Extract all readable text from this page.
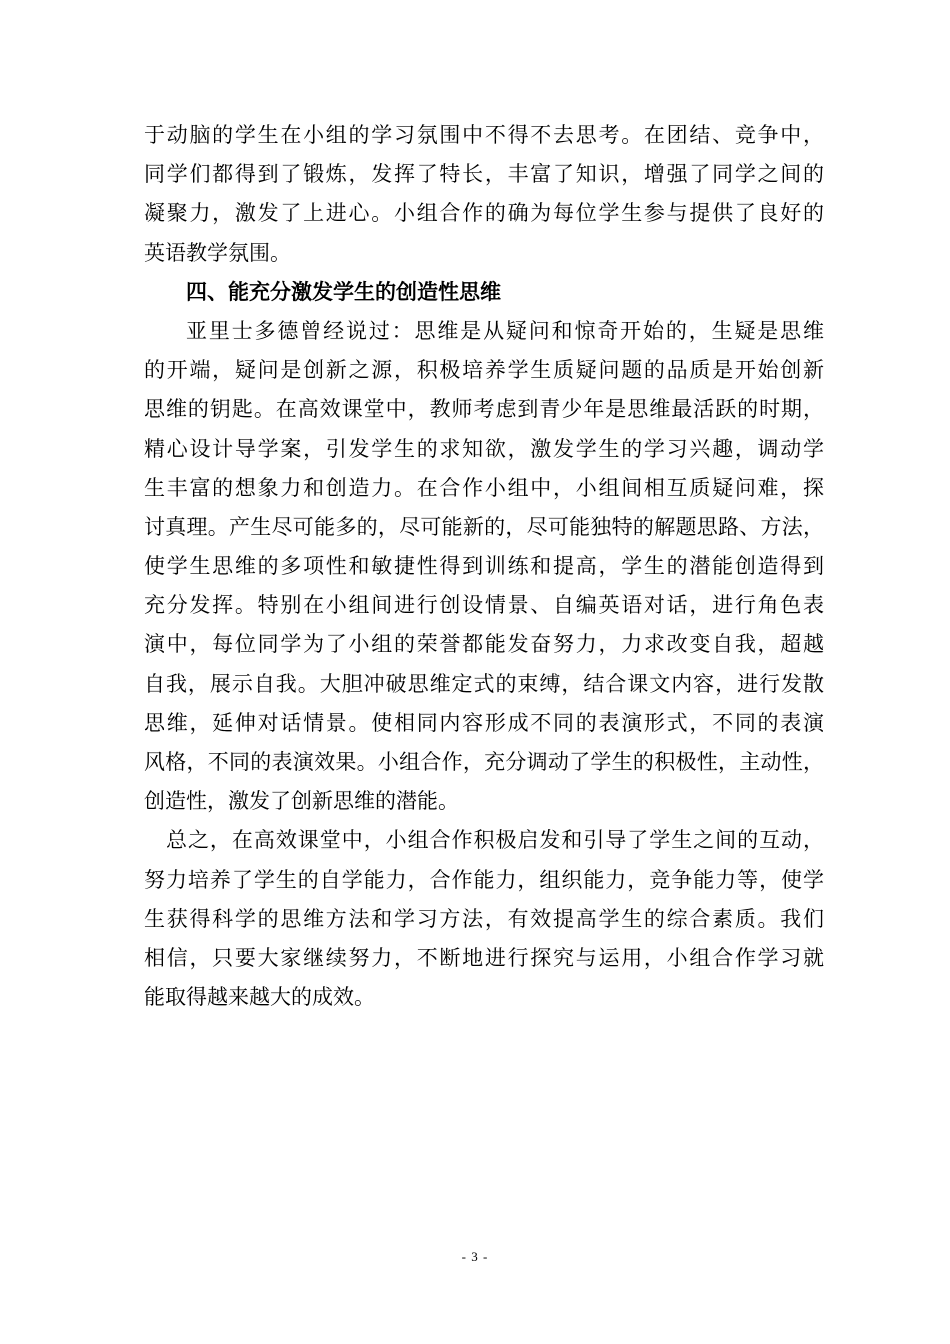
于动脑的学生在小组的学习氛围中不得不去思考。在团结、竞争中，
同学们都得到了锻炼，发挥了特长，丰富了知识，增强了同学之间的
凝聚力，激发了上进心。小组合作的确为每位学生参与提供了良好的
英语教学氛围。
四、能充分激发学生的创造性思维
亚里士多德曾经说过：思维是从疑问和惊奇开始的，生疑是思维
的开端，疑问是创新之源，积极培养学生质疑问题的品质是开始创新
思维的钥匙。在高效课堂中，教师考虑到青少年是思维最活跃的时期，
精心设计导学案，引发学生的求知欲，激发学生的学习兴趣，调动学
生丰富的想象力和创造力。在合作小组中，小组间相互质疑问难，探
讨真理。产生尽可能多的，尽可能新的，尽可能独特的解题思路、方法，
使学生思维的多项性和敏捷性得到训练和提高，学生的潜能创造得到
充分发挥。特别在小组间进行创设情景、自编英语对话，进行角色表
演中，每位同学为了小组的荣誉都能发奋努力，力求改变自我，超越
自我，展示自我。大胆冲破思维定式的束缚，结合课文内容，进行发散
思维，延伸对话情景。使相同内容形成不同的表演形式，不同的表演
风格，不同的表演效果。小组合作，充分调动了学生的积极性，主动性，
创造性，激发了创新思维的潜能。
总之，在高效课堂中，小组合作积极启发和引导了学生之间的互动，
努力培养了学生的自学能力，合作能力，组织能力，竞争能力等，使学
生获得科学的思维方法和学习方法，有效提高学生的综合素质。我们
相信，只要大家继续努力，不断地进行探究与运用，小组合作学习就
能取得越来越大的成效。
- 3 -
